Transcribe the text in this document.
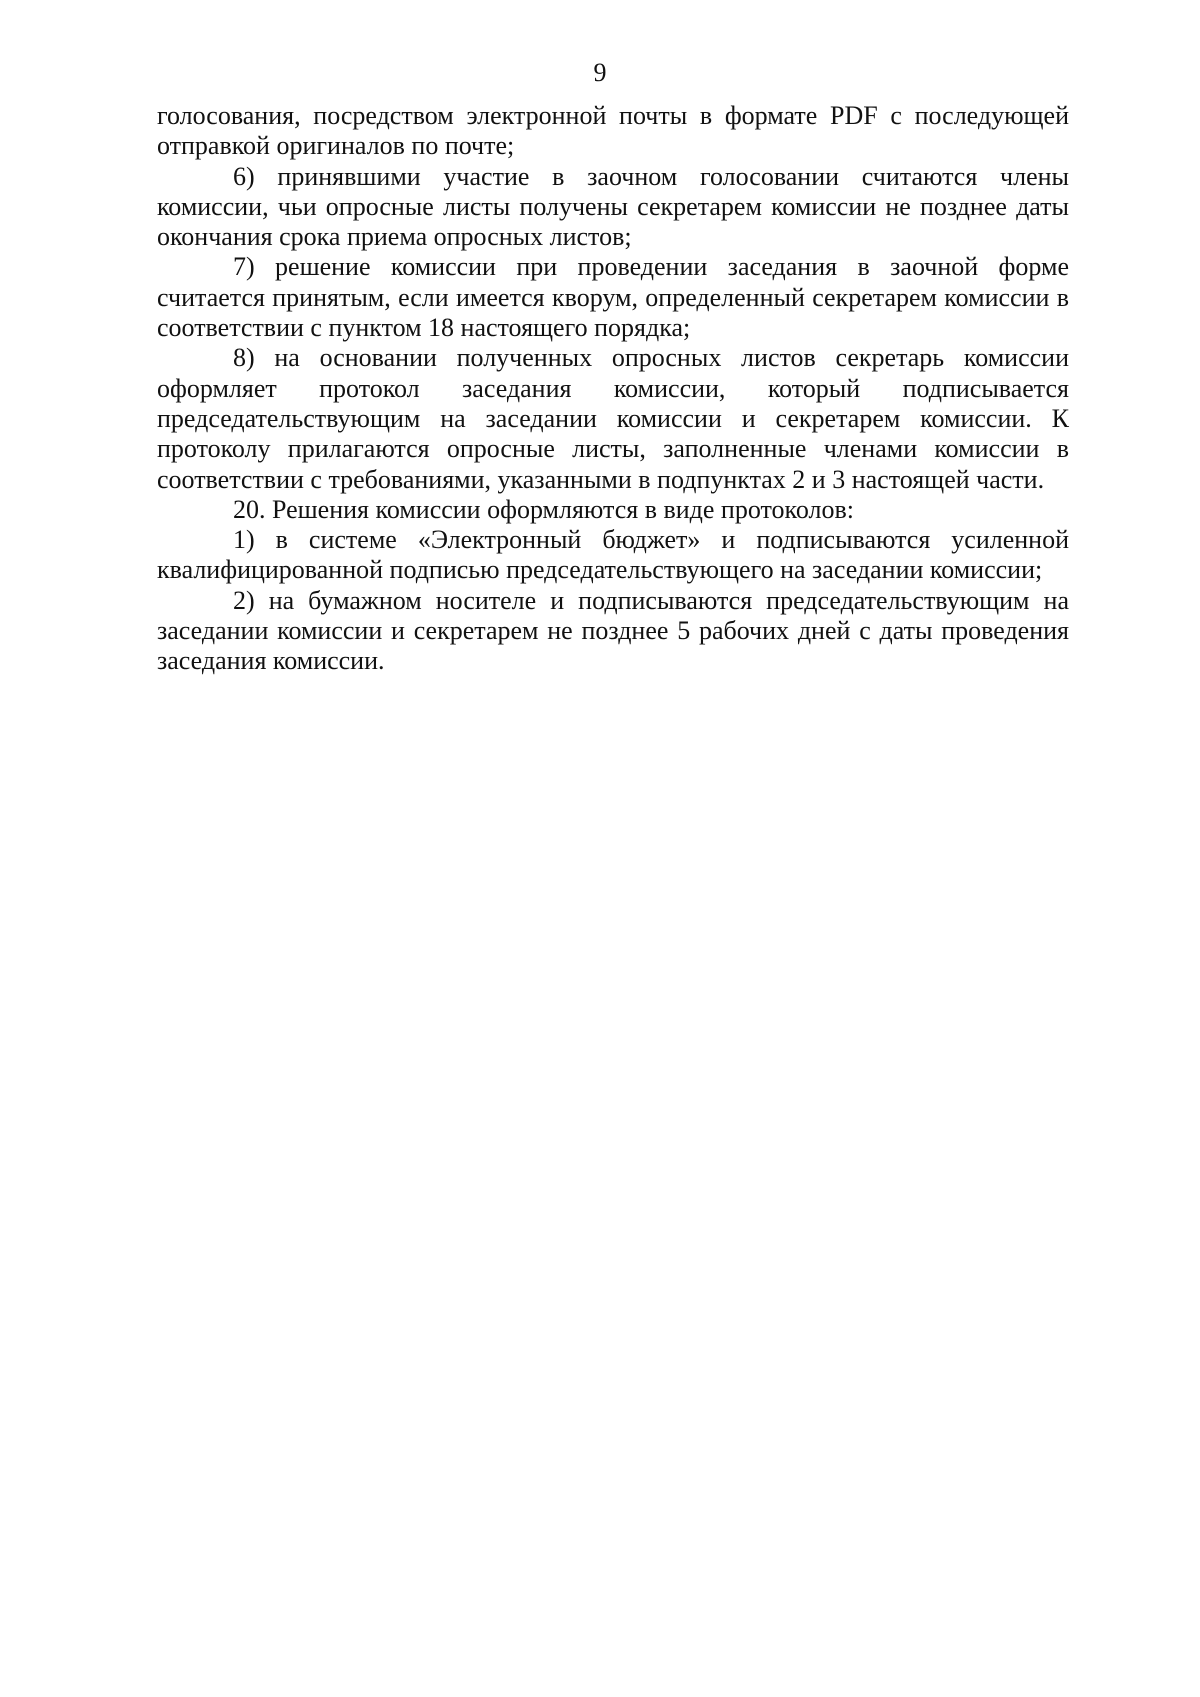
9

голосования, посредством электронной почты в формате PDF с последующей отправкой оригиналов по почте;

6) принявшими участие в заочном голосовании считаются члены комиссии, чьи опросные листы получены секретарем комиссии не позднее даты окончания срока приема опросных листов;

7) решение комиссии при проведении заседания в заочной форме считается принятым, если имеется кворум, определенный секретарем комиссии в соответствии с пунктом 18 настоящего порядка;

8) на основании полученных опросных листов секретарь комиссии оформляет протокол заседания комиссии, который подписывается председательствующим на заседании комиссии и секретарем комиссии. К протоколу прилагаются опросные листы, заполненные членами комиссии в соответствии с требованиями, указанными в подпунктах 2 и 3 настоящей части.

20. Решения комиссии оформляются в виде протоколов:

1) в системе «Электронный бюджет» и подписываются усиленной квалифицированной подписью председательствующего на заседании комиссии;

2) на бумажном носителе и подписываются председательствующим на заседании комиссии и секретарем не позднее 5 рабочих дней с даты проведения заседания комиссии.
